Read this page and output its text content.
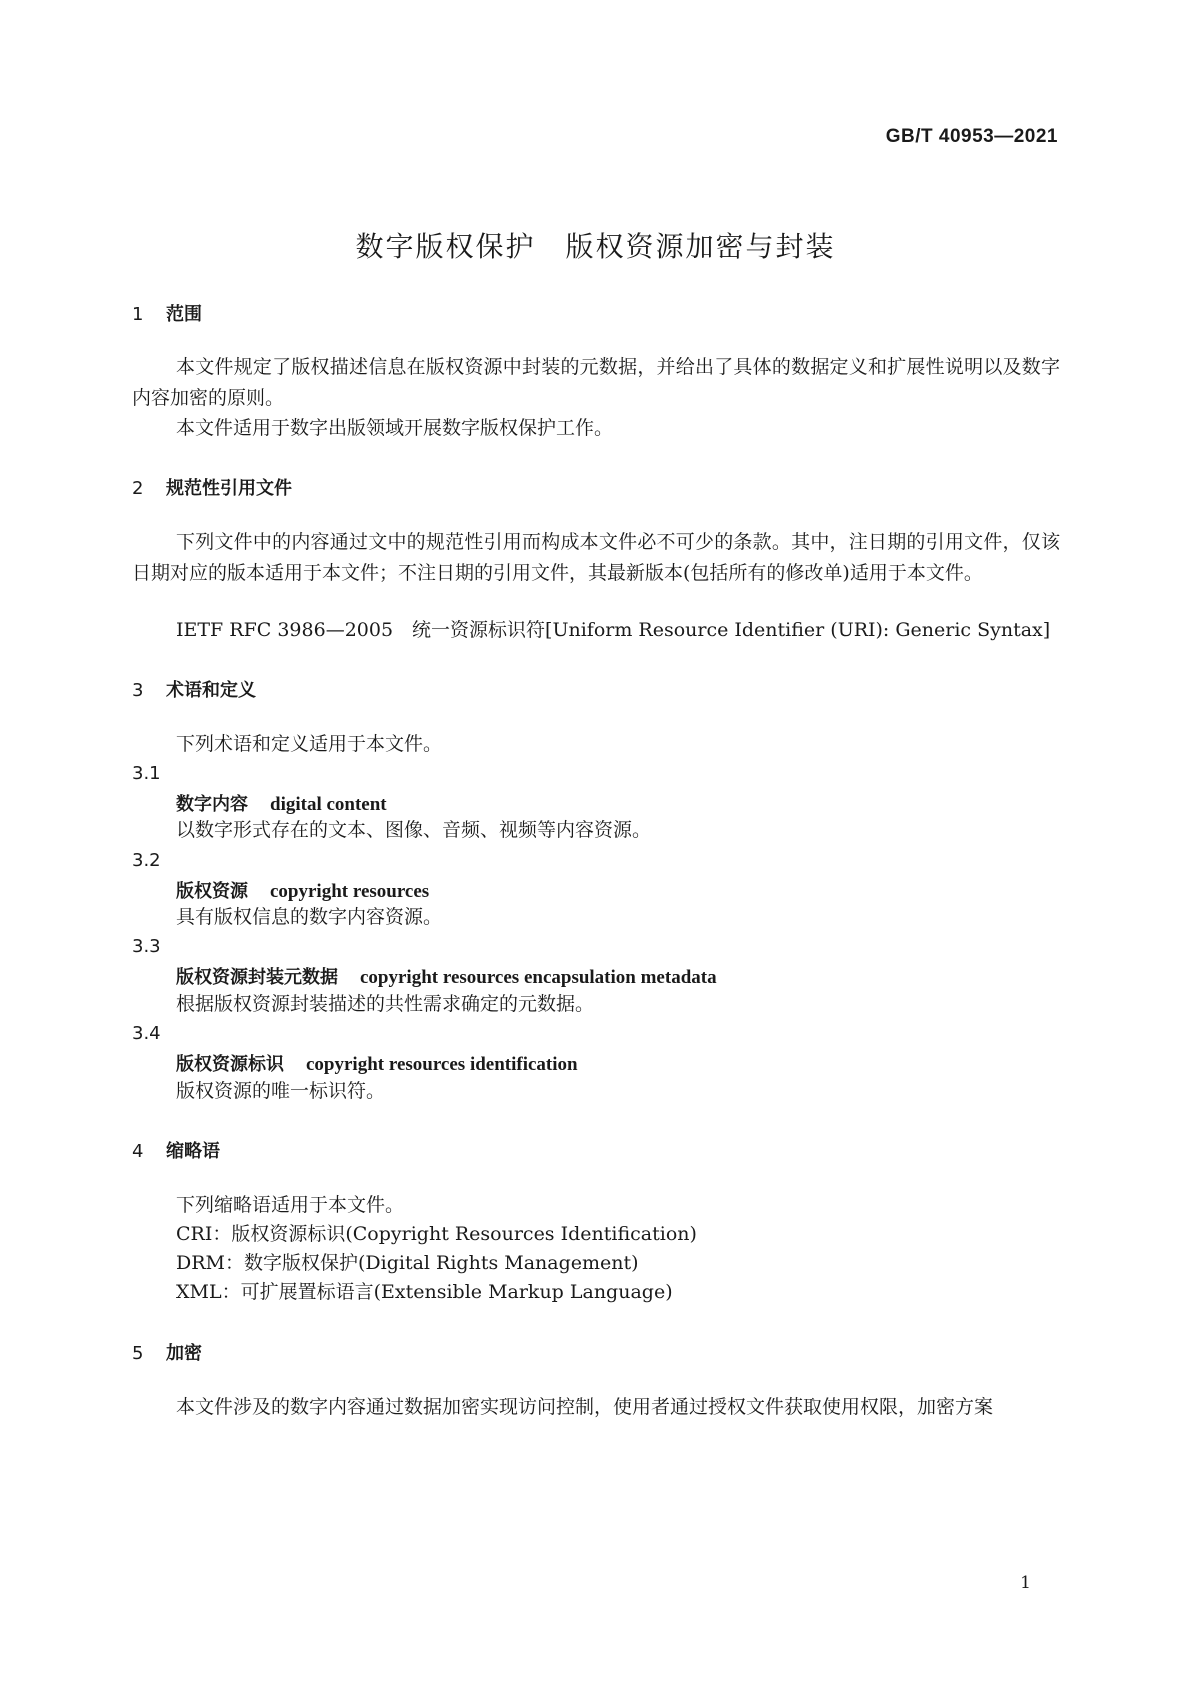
GB/T 40953—2021
数字版权保护　版权资源加密与封装
1 范围
本文件规定了版权描述信息在版权资源中封装的元数据，并给出了具体的数据定义和扩展性说明以及数字内容加密的原则。
本文件适用于数字出版领域开展数字版权保护工作。
2 规范性引用文件
下列文件中的内容通过文中的规范性引用而构成本文件必不可少的条款。其中，注日期的引用文件，仅该日期对应的版本适用于本文件；不注日期的引用文件，其最新版本(包括所有的修改单)适用于本文件。
IETF RFC 3986—2005　统一资源标识符[Uniform Resource Identifier (URI): Generic Syntax]
3 术语和定义
下列术语和定义适用于本文件。
3.1
数字内容 digital content
以数字形式存在的文本、图像、音频、视频等内容资源。
3.2
版权资源 copyright resources
具有版权信息的数字内容资源。
3.3
版权资源封装元数据 copyright resources encapsulation metadata
根据版权资源封装描述的共性需求确定的元数据。
3.4
版权资源标识 copyright resources identification
版权资源的唯一标识符。
4 缩略语
下列缩略语适用于本文件。
CRI：版权资源标识(Copyright Resources Identification)
DRM：数字版权保护(Digital Rights Management)
XML：可扩展置标语言(Extensible Markup Language)
5 加密
本文件涉及的数字内容通过数据加密实现访问控制，使用者通过授权文件获取使用权限，加密方案
1
